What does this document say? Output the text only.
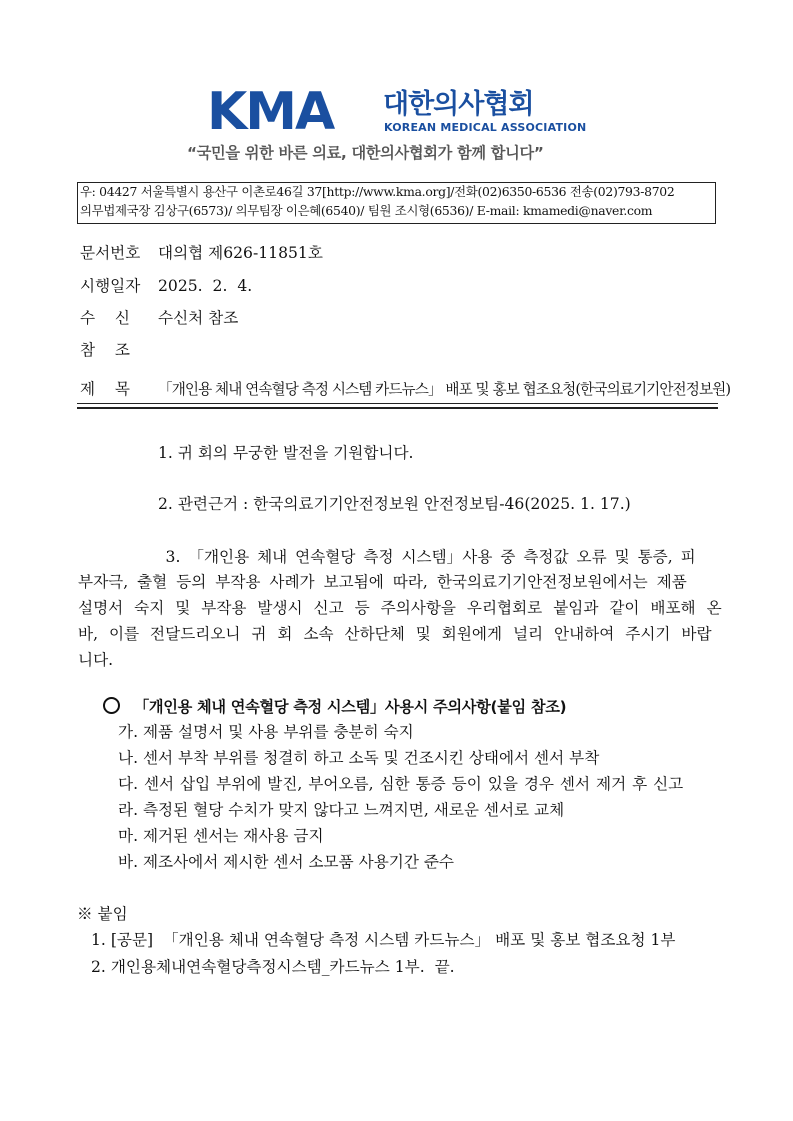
KMA 대한의사협회
KOREAN MEDICAL ASSOCIATION
“국민을 위한 바른 의료, 대한의사협회가 함께 합니다”
우: 04427 서울특별시 용산구 이촌로46길 37[http://www.kma.org]/전화(02)6350-6536 전송(02)793-8702
의무법제국장 김상구(6573)/ 의무팀장 이은혜(6540)/ 팀원 조시형(6536)/ E-mail: kmamedi@naver.com
문서번호 대의협 제626-11851호
시행일자 2025.  2.  4.
수    신 수신처 참조
참    조
제    목 「개인용 체내 연속혈당 측정 시스템 카드뉴스」 배포 및 홍보 협조요청(한국의료기기안전정보원)
1. 귀 회의 무궁한 발전을 기원합니다.
2. 관련근거 : 한국의료기기안전정보원 안전정보팀-46(2025. 1. 17.)
3. 「개인용 체내 연속혈당 측정 시스템」사용 중 측정값 오류 및 통증, 피
부자극, 출혈 등의 부작용 사례가 보고됨에 따라, 한국의료기기안전정보원에서는 제품
설명서 숙지 및 부작용 발생시 신고 등 주의사항을 우리협회로 붙임과 같이 배포해 온
바, 이를 전달드리오니 귀 회 소속 산하단체 및 회원에게 널리 안내하여 주시기 바랍
니다.
「개인용 체내 연속혈당 측정 시스템」사용시 주의사항(붙임 참조)
가. 제품 설명서 및 사용 부위를 충분히 숙지
나. 센서 부착 부위를 청결히 하고 소독 및 건조시킨 상태에서 센서 부착
다. 센서 삽입 부위에 발진, 부어오름, 심한 통증 등이 있을 경우 센서 제거 후 신고
라. 측정된 혈당 수치가 맞지 않다고 느껴지면, 새로운 센서로 교체
마. 제거된 센서는 재사용 금지
바. 제조사에서 제시한 센서 소모품 사용기간 준수
※ 붙임
1. [공문]  「개인용 체내 연속혈당 측정 시스템 카드뉴스」 배포 및 홍보 협조요청 1부
2. 개인용체내연속혈당측정시스템_카드뉴스 1부.  끝.
